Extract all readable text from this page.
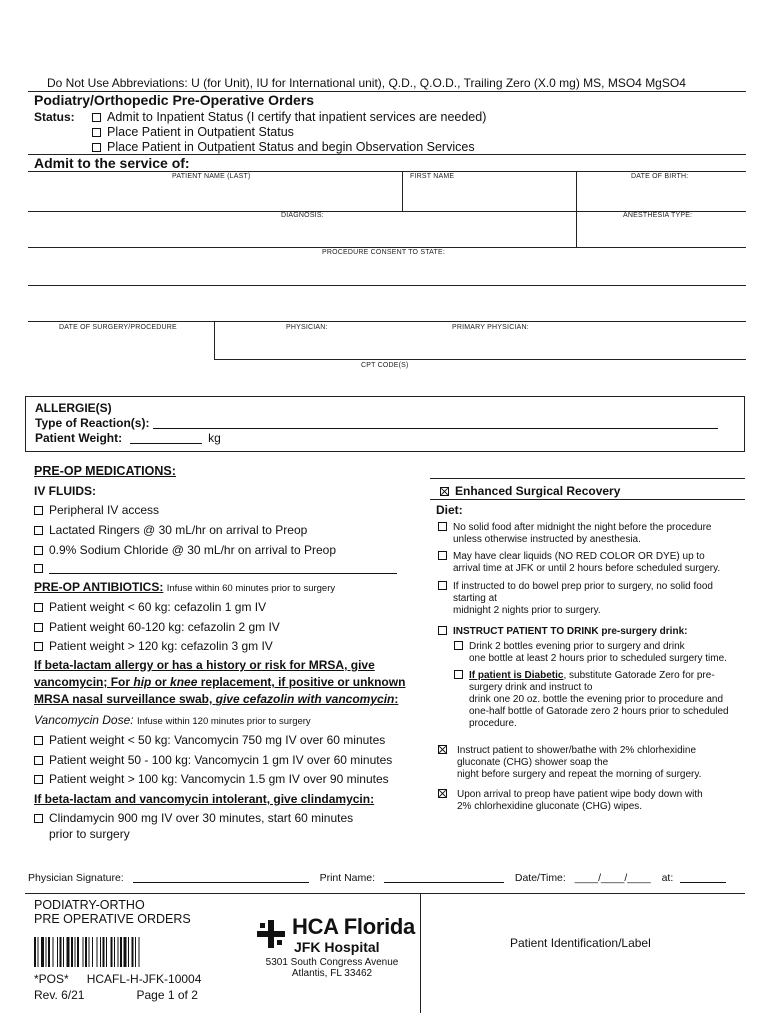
Do Not Use Abbreviations: U (for Unit), IU for International unit), Q.D., Q.O.D., Trailing Zero (X.0 mg) MS, MSO4 MgSO4
Podiatry/Orthopedic Pre-Operative Orders
Status:	Admit to Inpatient Status (I certify that inpatient services are needed)
Place Patient in Outpatient Status
Place Patient in Outpatient Status and begin Observation Services
Admit to the service of:
PATIENT NAME (LAST)	FIRST NAME	DATE OF BIRTH:
DIAGNOSIS:	ANESTHESIA TYPE:
PROCEDURE CONSENT TO STATE:
DATE OF SURGERY/PROCEDURE	PHYSICIAN:	PRIMARY PHYSICIAN:
CPT CODE(S)
ALLERGIE(S)
Type of Reaction(s):
Patient Weight:	kg
PRE-OP MEDICATIONS:
IV FLUIDS:
Peripheral IV access
Lactated Ringers @ 30 mL/hr on arrival to Preop
0.9% Sodium Chloride @ 30 mL/hr on arrival to Preop
PRE-OP ANTIBIOTICS: Infuse within 60 minutes prior to surgery
Patient weight < 60 kg: cefazolin 1 gm IV
Patient weight 60-120 kg: cefazolin 2 gm IV
Patient weight > 120 kg: cefazolin 3 gm IV
If beta-lactam allergy or has a history or risk for MRSA, give
vancomycin; For hip or knee replacement, if positive or unknown
MRSA nasal surveillance swab, give cefazolin with vancomycin:
Vancomycin Dose: Infuse within 120 minutes prior to surgery
Patient weight < 50 kg: Vancomycin 750 mg IV over 60 minutes
Patient weight 50 - 100 kg: Vancomycin 1 gm IV over 60 minutes
Patient weight > 100 kg: Vancomycin 1.5 gm IV over 90 minutes
If beta-lactam and vancomycin intolerant, give clindamycin:
Clindamycin 900 mg IV over 30 minutes, start 60 minutes
prior to surgery
Enhanced Surgical Recovery
Diet:
No solid food after midnight the night before the procedure
unless otherwise instructed by anesthesia.
May have clear liquids (NO RED COLOR OR DYE) up to
arrival time at JFK or until 2 hours before scheduled surgery.
If instructed to do bowel prep prior to surgery, no solid food
starting at
midnight 2 nights prior to surgery.
INSTRUCT PATIENT TO DRINK pre-surgery drink:
Drink 2 bottles evening prior to surgery and drink
one bottle at least 2 hours prior to scheduled surgery time.
If patient is Diabetic, substitute Gatorade Zero for pre-
surgery drink and instruct to
drink one 20 oz. bottle the evening prior to procedure and
one-half bottle of Gatorade zero 2 hours prior to scheduled
procedure.
Instruct patient to shower/bathe with 2% chlorhexidine
gluconate (CHG) shower soap the
night before surgery and repeat the morning of surgery.
Upon arrival to preop have patient wipe body down with
2% chlorhexidine gluconate (CHG) wipes.
Physician Signature:	Print Name:	Date/Time: ____/____/____ at:
PODIATRY-ORTHO
PRE OPERATIVE ORDERS
*POS* HCAFL-H-JFK-10004
Rev. 6/21	Page 1 of 2
HCA Florida
JFK Hospital
5301 South Congress Avenue
Atlantis, FL 33462
Patient Identification/Label
